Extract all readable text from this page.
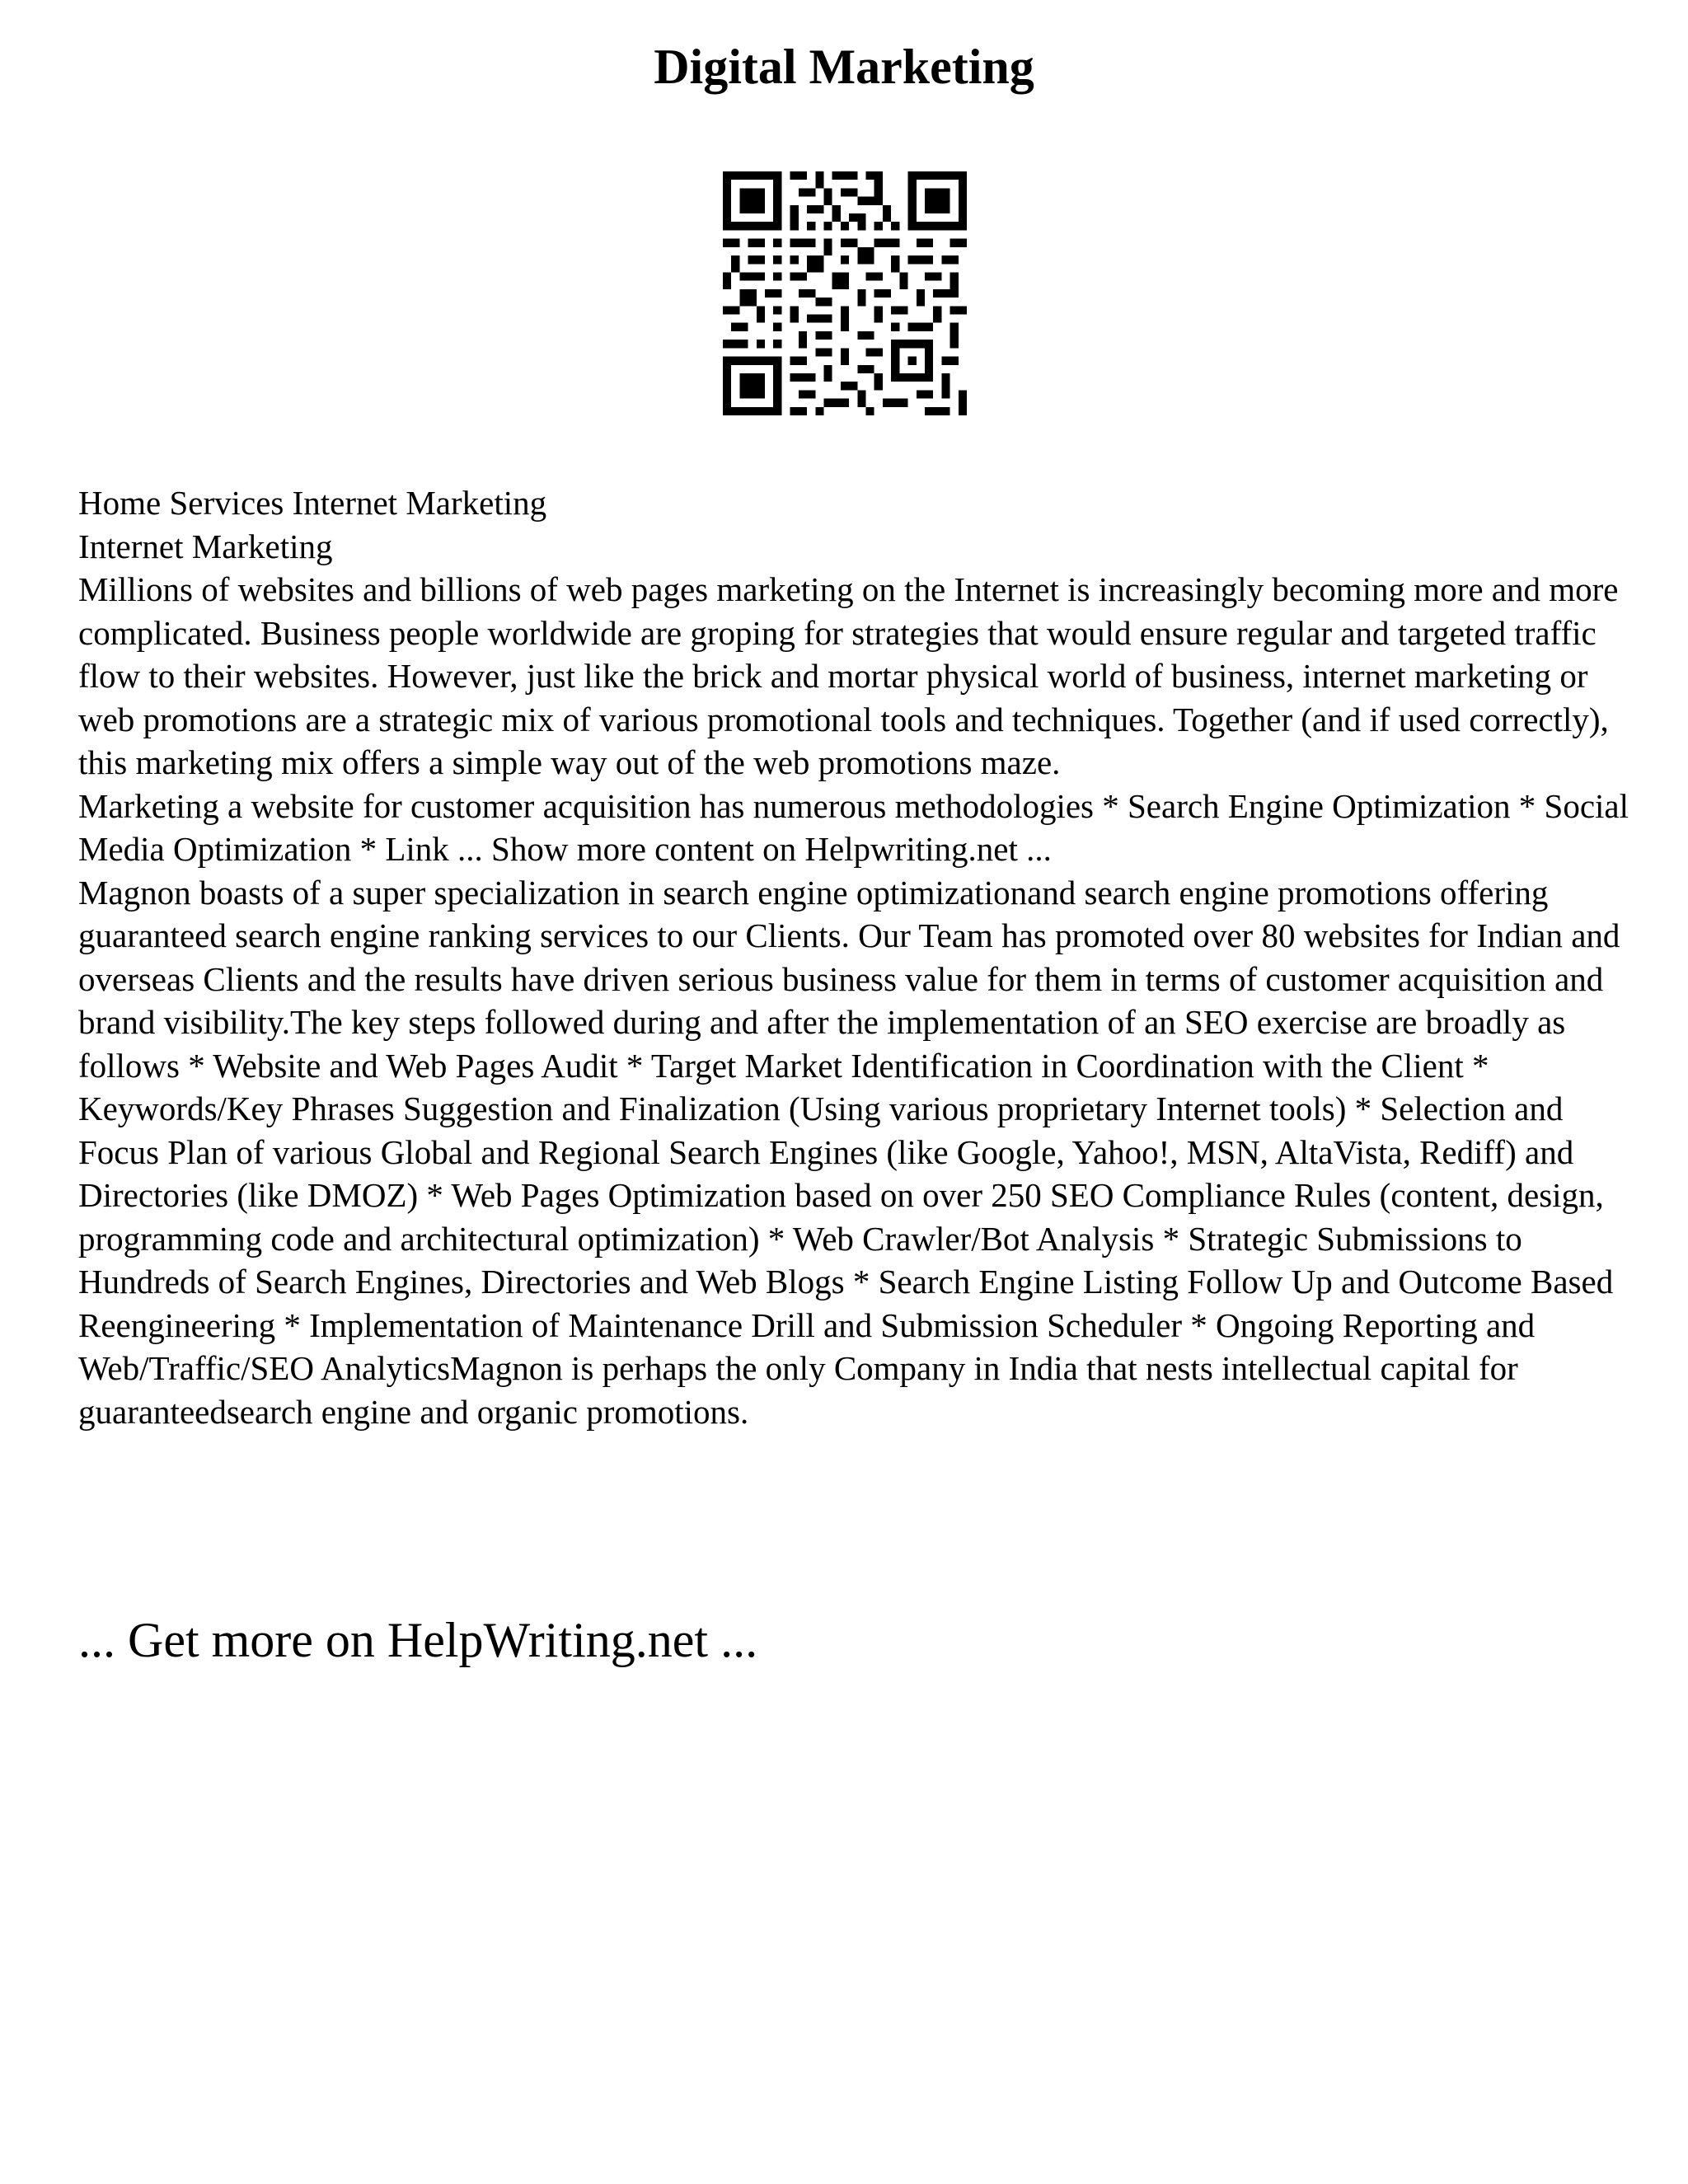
Digital Marketing
Home Services Internet Marketing
Internet Marketing
Millions of websites and billions of web pages marketing on the Internet is increasingly becoming more and more complicated. Business people worldwide are groping for strategies that would ensure regular and targeted traffic flow to their websites. However, just like the brick and mortar physical world of business, internet marketing or web promotions are a strategic mix of various promotional tools and techniques. Together (and if used correctly), this marketing mix offers a simple way out of the web promotions maze.
Marketing a website for customer acquisition has numerous methodologies * Search Engine Optimization * Social Media Optimization * Link ... Show more content on Helpwriting.net ...
Magnon boasts of a super specialization in search engine optimizationand search engine promotions offering guaranteed search engine ranking services to our Clients. Our Team has promoted over 80 websites for Indian and overseas Clients and the results have driven serious business value for them in terms of customer acquisition and brand visibility.The key steps followed during and after the implementation of an SEO exercise are broadly as follows * Website and Web Pages Audit * Target Market Identification in Coordination with the Client * Keywords/Key Phrases Suggestion and Finalization (Using various proprietary Internet tools) * Selection and Focus Plan of various Global and Regional Search Engines (like Google, Yahoo!, MSN, AltaVista, Rediff) and Directories (like DMOZ) * Web Pages Optimization based on over 250 SEO Compliance Rules (content, design, programming code and architectural optimization) * Web Crawler/Bot Analysis * Strategic Submissions to Hundreds of Search Engines, Directories and Web Blogs * Search Engine Listing Follow Up and Outcome Based Reengineering * Implementation of Maintenance Drill and Submission Scheduler * Ongoing Reporting and Web/Traffic/SEO AnalyticsMagnon is perhaps the only Company in India that nests intellectual capital for guaranteedsearch engine and organic promotions.
... Get more on HelpWriting.net ...
